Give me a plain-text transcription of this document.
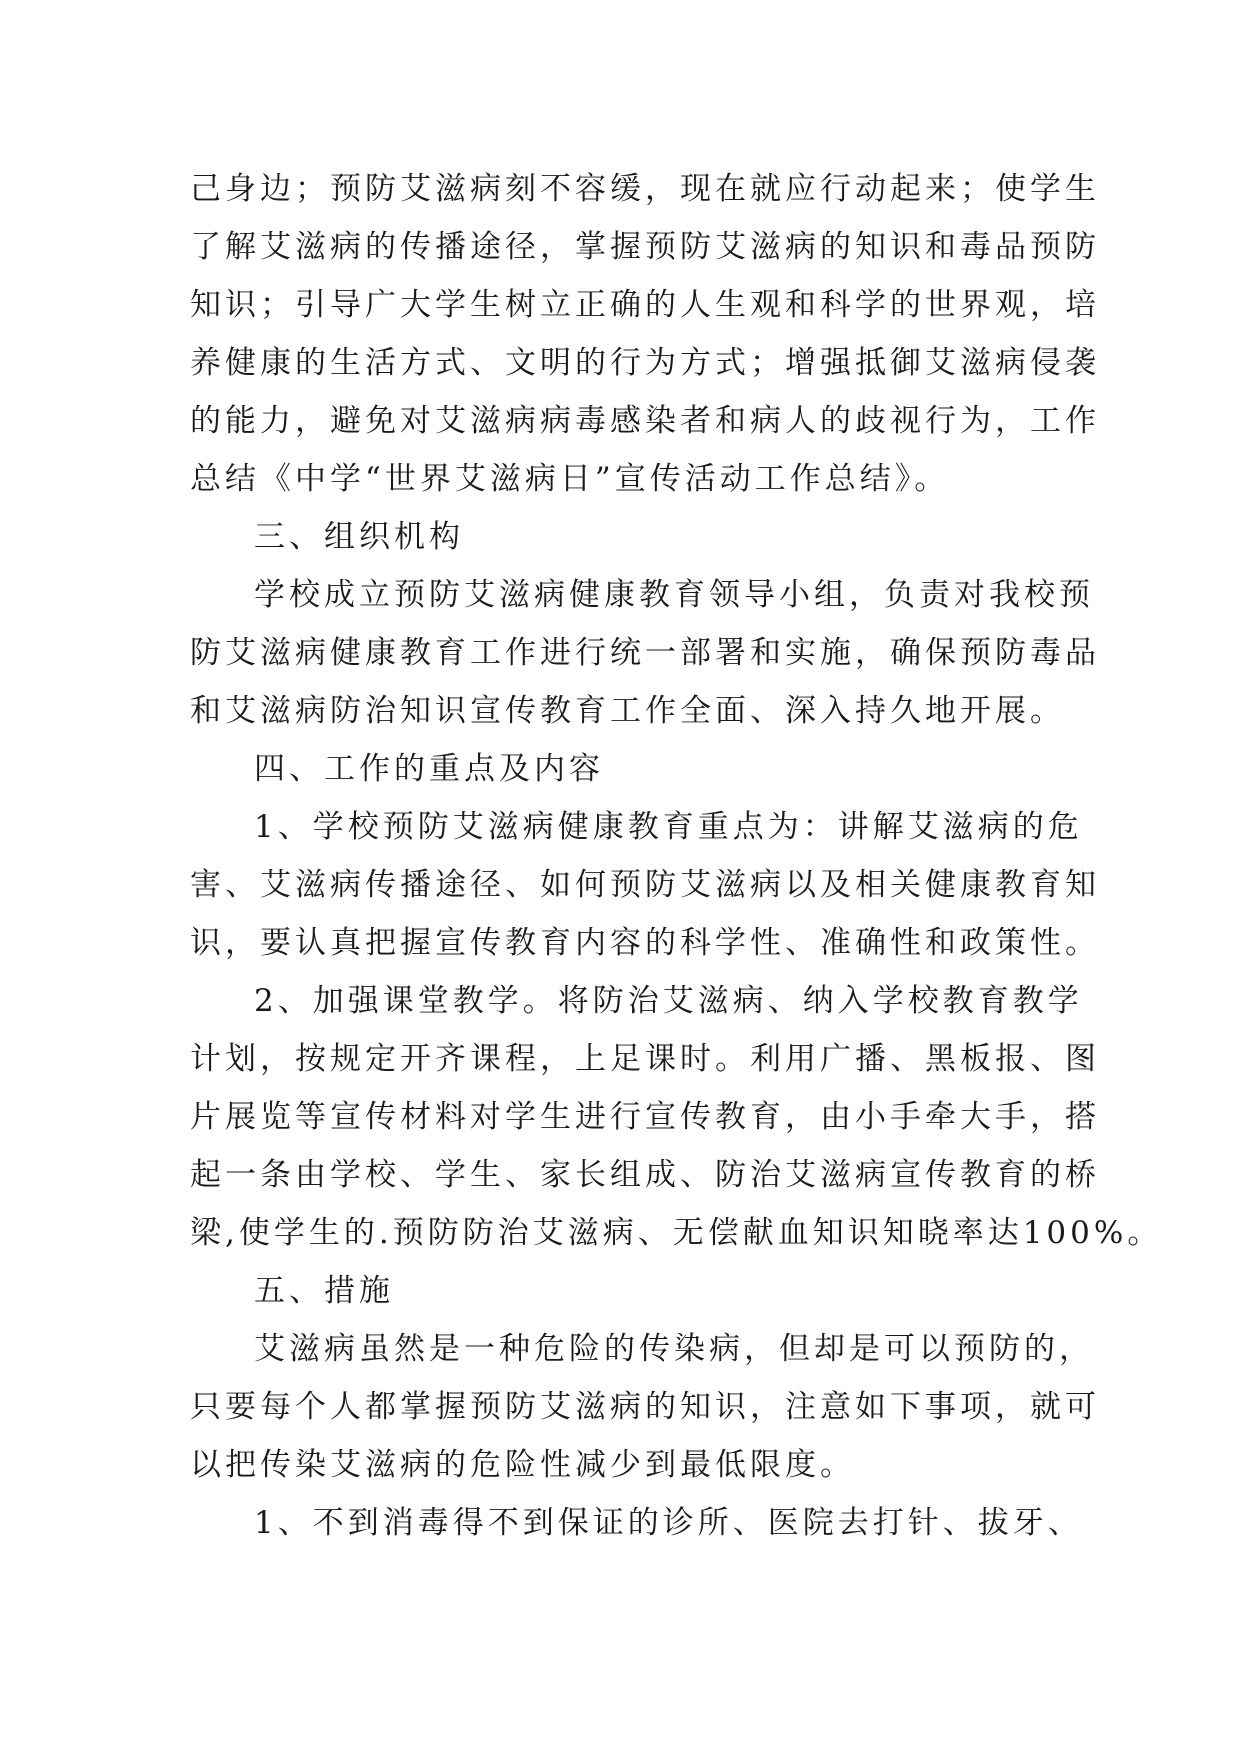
己身边；预防艾滋病刻不容缓，现在就应行动起来；使学生
了解艾滋病的传播途径，掌握预防艾滋病的知识和毒品预防
知识；引导广大学生树立正确的人生观和科学的世界观，培
养健康的生活方式、文明的行为方式；增强抵御艾滋病侵袭
的能力，避免对艾滋病病毒感染者和病人的歧视行为，工作
总结《中学“世界艾滋病日”宣传活动工作总结》。
三、组织机构
学校成立预防艾滋病健康教育领导小组，负责对我校预
防艾滋病健康教育工作进行统一部署和实施，确保预防毒品
和艾滋病防治知识宣传教育工作全面、深入持久地开展。
四、工作的重点及内容
1、学校预防艾滋病健康教育重点为：讲解艾滋病的危
害、艾滋病传播途径、如何预防艾滋病以及相关健康教育知
识，要认真把握宣传教育内容的科学性、准确性和政策性。
2、加强课堂教学。将防治艾滋病、纳入学校教育教学
计划，按规定开齐课程，上足课时。利用广播、黑板报、图
片展览等宣传材料对学生进行宣传教育，由小手牵大手，搭
起一条由学校、学生、家长组成、防治艾滋病宣传教育的桥
梁,使学生的.预防防治艾滋病、无偿献血知识知晓率达100%。
五、措施
艾滋病虽然是一种危险的传染病，但却是可以预防的，
只要每个人都掌握预防艾滋病的知识，注意如下事项，就可
以把传染艾滋病的危险性减少到最低限度。
1、不到消毒得不到保证的诊所、医院去打针、拔牙、
